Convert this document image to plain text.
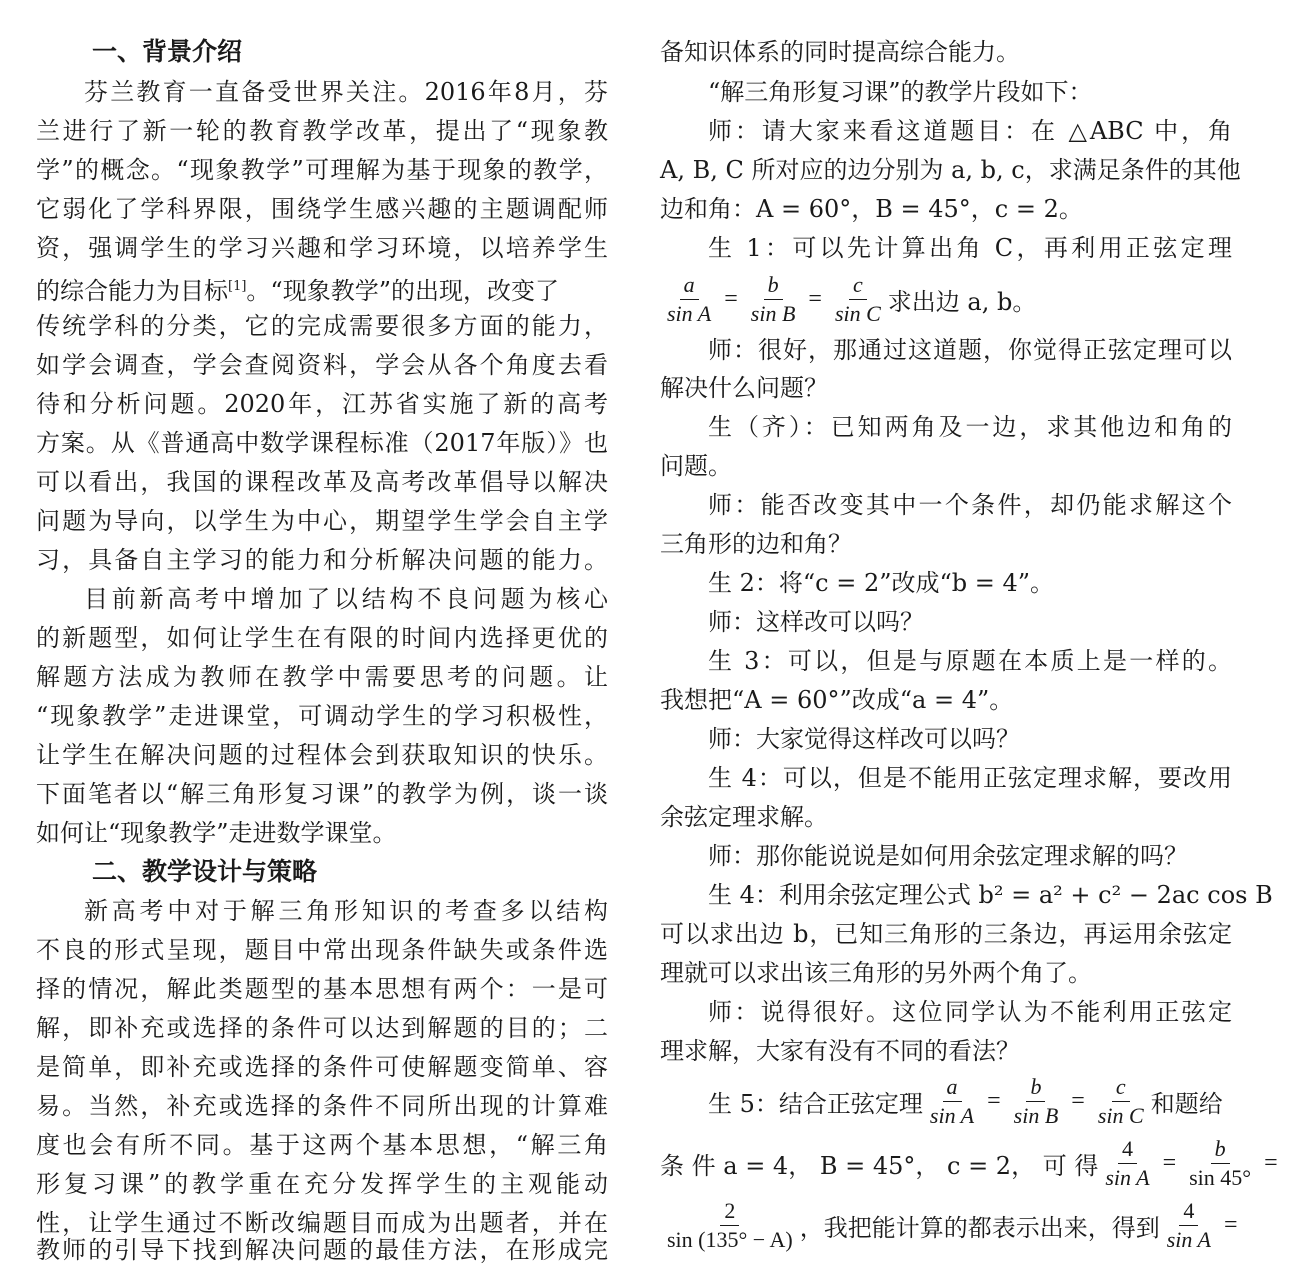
一、背景介绍
芬兰教育一直备受世界关注。2016年8月，芬
兰进行了新一轮的教育教学改革，提出了“现象教
学”的概念。“现象教学”可理解为基于现象的教学，
它弱化了学科界限，围绕学生感兴趣的主题调配师
资，强调学生的学习兴趣和学习环境，以培养学生
的综合能力为目标[1]。“现象教学”的出现，改变了
传统学科的分类，它的完成需要很多方面的能力，
如学会调查，学会查阅资料，学会从各个角度去看
待和分析问题。2020年，江苏省实施了新的高考
方案。从《普通高中数学课程标准（2017年版）》也
可以看出，我国的课程改革及高考改革倡导以解决
问题为导向，以学生为中心，期望学生学会自主学
习，具备自主学习的能力和分析解决问题的能力。
目前新高考中增加了以结构不良问题为核心
的新题型，如何让学生在有限的时间内选择更优的
解题方法成为教师在教学中需要思考的问题。让
“现象教学”走进课堂，可调动学生的学习积极性，
让学生在解决问题的过程体会到获取知识的快乐。
下面笔者以“解三角形复习课”的教学为例，谈一谈
如何让“现象教学”走进数学课堂。
二、教学设计与策略
新高考中对于解三角形知识的考查多以结构
不良的形式呈现，题目中常出现条件缺失或条件选
择的情况，解此类题型的基本思想有两个：一是可
解，即补充或选择的条件可以达到解题的目的；二
是简单，即补充或选择的条件可使解题变简单、容
易。当然，补充或选择的条件不同所出现的计算难
度也会有所不同。基于这两个基本思想，“解三角
形复习课”的教学重在充分发挥学生的主观能动
性，让学生通过不断改编题目而成为出题者，并在
教师的引导下找到解决问题的最佳方法，在形成完
备知识体系的同时提高综合能力。
“解三角形复习课”的教学片段如下：
师：请大家来看这道题目：在 △ABC 中，角
A, B, C 所对应的边分别为 a, b, c，求满足条件的其他
边和角：A = 60°，B = 45°，c = 2。
生 1：可以先计算出角 C，再利用正弦定理
$\frac{a}{\text{sin A}} = \frac{b}{\text{sin B}} = \frac{c}{\text{sin C}}$ 求出边 a, b。
师：很好，那通过这道题，你觉得正弦定理可以
解决什么问题？
生（齐）：已知两角及一边，求其他边和角的
问题。
师：能否改变其中一个条件，却仍能求解这个
三角形的边和角？
生 2：将“c = 2”改成“b = 4”。
师：这样改可以吗？
生 3：可以，但是与原题在本质上是一样的。
我想把“A = 60°”改成“a = 4”。
师：大家觉得这样改可以吗？
生 4：可以，但是不能用正弦定理求解，要改用
余弦定理求解。
师：那你能说说是如何用余弦定理求解的吗？
生 4：利用余弦定理公式 b² = a² + c² − 2ac cos B
可以求出边 b，已知三角形的三条边，再运用余弦定
理就可以求出该三角形的另外两个角了。
师：说得很好。这位同学认为不能利用正弦定
理求解，大家有没有不同的看法？
生 5：结合正弦定理 $\frac{a}{\text{sin A}} = \frac{b}{\text{sin B}} = \frac{c}{\text{sin C}}$ 和题给
条 件 a = 4， B = 45°， c = 2， 可 得 $\frac{4}{\text{sin A}} = \frac{b}{\sin 45^\circ}$ =
$\frac{2}{\sin (135^\circ - A)}$ ，我把能计算的都表示出来，得到 $\frac{4}{\text{sin A}}$ =
